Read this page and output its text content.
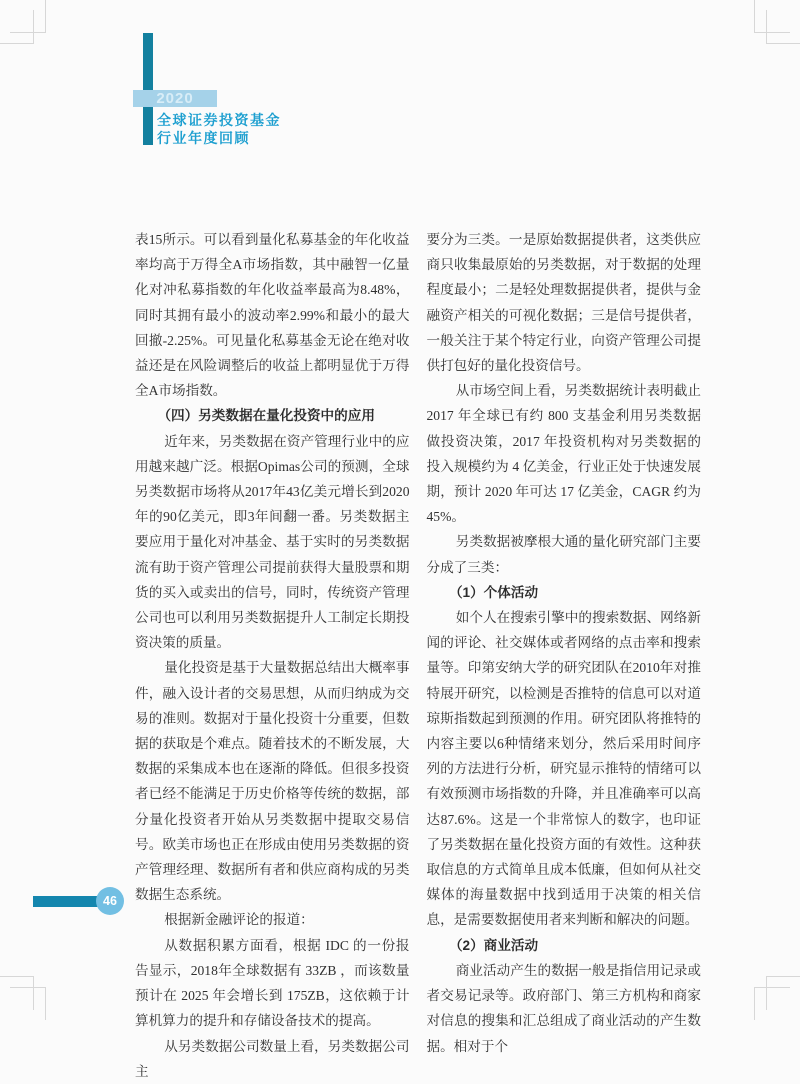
2020
全球证券投资基金
行业年度回顾

表15所示。可以看到量化私募基金的年化收益率均高于万得全A市场指数，其中融智一亿量化对冲私募指数的年化收益率最高为8.48%，同时其拥有最小的波动率2.99%和最小的最大回撤-2.25%。可见量化私募基金无论在绝对收益还是在风险调整后的收益上都明显优于万得全A市场指数。

（四）另类数据在量化投资中的应用

近年来，另类数据在资产管理行业中的应用越来越广泛。根据Opimas公司的预测，全球另类数据市场将从2017年43亿美元增长到2020年的90亿美元，即3年间翻一番。另类数据主要应用于量化对冲基金、基于实时的另类数据流有助于资产管理公司提前获得大量股票和期货的买入或卖出的信号，同时，传统资产管理公司也可以利用另类数据提升人工制定长期投资决策的质量。

量化投资是基于大量数据总结出大概率事件，融入设计者的交易思想，从而归纳成为交易的准则。数据对于量化投资十分重要，但数据的获取是个难点。随着技术的不断发展，大数据的采集成本也在逐渐的降低。但很多投资者已经不能满足于历史价格等传统的数据，部分量化投资者开始从另类数据中提取交易信号。欧美市场也正在形成由使用另类数据的资产管理经理、数据所有者和供应商构成的另类数据生态系统。

根据新金融评论的报道：

从数据积累方面看，根据 IDC 的一份报告显示，2018年全球数据有 33ZB ，而该数量预计在 2025 年会增长到 175ZB，这依赖于计算机算力的提升和存储设备技术的提高。

从另类数据公司数量上看，另类数据公司主

要分为三类。一是原始数据提供者，这类供应商只收集最原始的另类数据，对于数据的处理程度最小；二是轻处理数据提供者，提供与金融资产相关的可视化数据；三是信号提供者，一般关注于某个特定行业，向资产管理公司提供打包好的量化投资信号。

从市场空间上看，另类数据统计表明截止 2017 年全球已有约 800 支基金利用另类数据做投资决策，2017 年投资机构对另类数据的投入规模约为 4 亿美金，行业正处于快速发展期，预计 2020 年可达 17 亿美金，CAGR 约为 45%。

另类数据被摩根大通的量化研究部门主要分成了三类：

（1）个体活动

如个人在搜索引擎中的搜索数据、网络新闻的评论、社交媒体或者网络的点击率和搜索量等。印第安纳大学的研究团队在2010年对推特展开研究，以检测是否推特的信息可以对道琼斯指数起到预测的作用。研究团队将推特的内容主要以6种情绪来划分，然后采用时间序列的方法进行分析，研究显示推特的情绪可以有效预测市场指数的升降，并且准确率可以高达87.6%。这是一个非常惊人的数字，也印证了另类数据在量化投资方面的有效性。这种获取信息的方式简单且成本低廉，但如何从社交媒体的海量数据中找到适用于决策的相关信息，是需要数据使用者来判断和解决的问题。

（2）商业活动

商业活动产生的数据一般是指信用记录或者交易记录等。政府部门、第三方机构和商家对信息的搜集和汇总组成了商业活动的产生数据。相对于个

46
